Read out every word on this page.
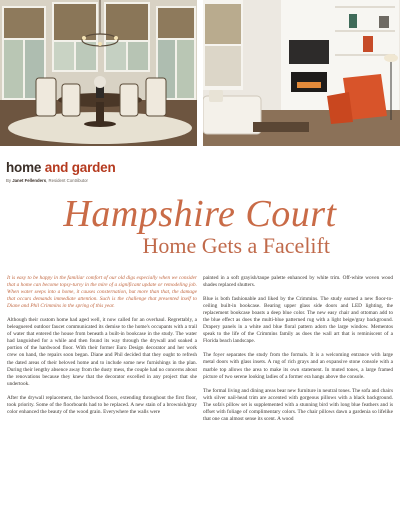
home and garden
By Janet Fellenders, Resident Contributor
Hampshire Court
Home Gets a Facelift

It is easy to be happy in the familiar comfort of our old digs especially when we consider that a home can become topsy-turvy in the mire of a significant update or remodeling job. When water seeps into a home, it causes consternation, but more than that, the damage that occurs demands immediate attention. Such is the challenge that presented itself to Diane and Phil Crimmins in the spring of this year.

Although their custom home had aged well, it now called for an overhaul. Regrettably, a beleaguered outdoor faucet communicated its demise to the home's occupants with a trail of water that entered the house from beneath a built-in bookcase in the study. The water had languished for a while and then found its way through the drywall and soaked a portion of the hardwood floor. With their former Euro Design decorator and her work crew on hand, the repairs soon began. Diane and Phil decided that they ought to refresh the dated areas of their beloved home and to include some new furnishings in the plan. During their lengthy absence away from the dusty mess, the couple had no concerns about the renovations because they knew that the decorator excelled in any project that she undertook.

After the drywall replacement, the hardwood floors, extending throughout the first floor, took priority. Some of the floorboards had to be replaced. A new stain of a brownish/gray color enhanced the beauty of the wood grain. Everywhere the walls were

painted in a soft grayish/taupe palette enhanced by white trim. Off-white woven wood shades replaced shutters.

Blue is both fashionable and liked by the Crimmins. The study earned a new floor-to-ceiling built-in bookcase. Bearing upper glass side doors and LED lighting, the replacement bookcase boasts a deep blue color. The new easy chair and ottoman add to the blue effect as does the multi-blue patterned rug with a light beige/gray background. Drapery panels in a white and blue floral pattern adorn the large window. Mementos speak to the life of the Crimmins family as does the wall art that is reminiscent of a Florida beach landscape.

The foyer separates the study from the formals. It is a welcoming entrance with large metal doors with glass insets. A rug of rich grays and an expansive stone console with a marble top allows the area to make its own statement. In muted tones, a large framed picture of two serene looking ladies of a former era hangs above the console.

The formal living and dining areas bear new furniture in neutral tones. The sofa and chairs with silver nail-head trim are accented with gorgeous pillows with a black background. The sofa's pillow set is supplemented with a stunning bird with long blue feathers and is offset with foliage of complimentary colors. The chair pillows dawn a gardenia so lifelike that one can almost sense its scent. A wood
